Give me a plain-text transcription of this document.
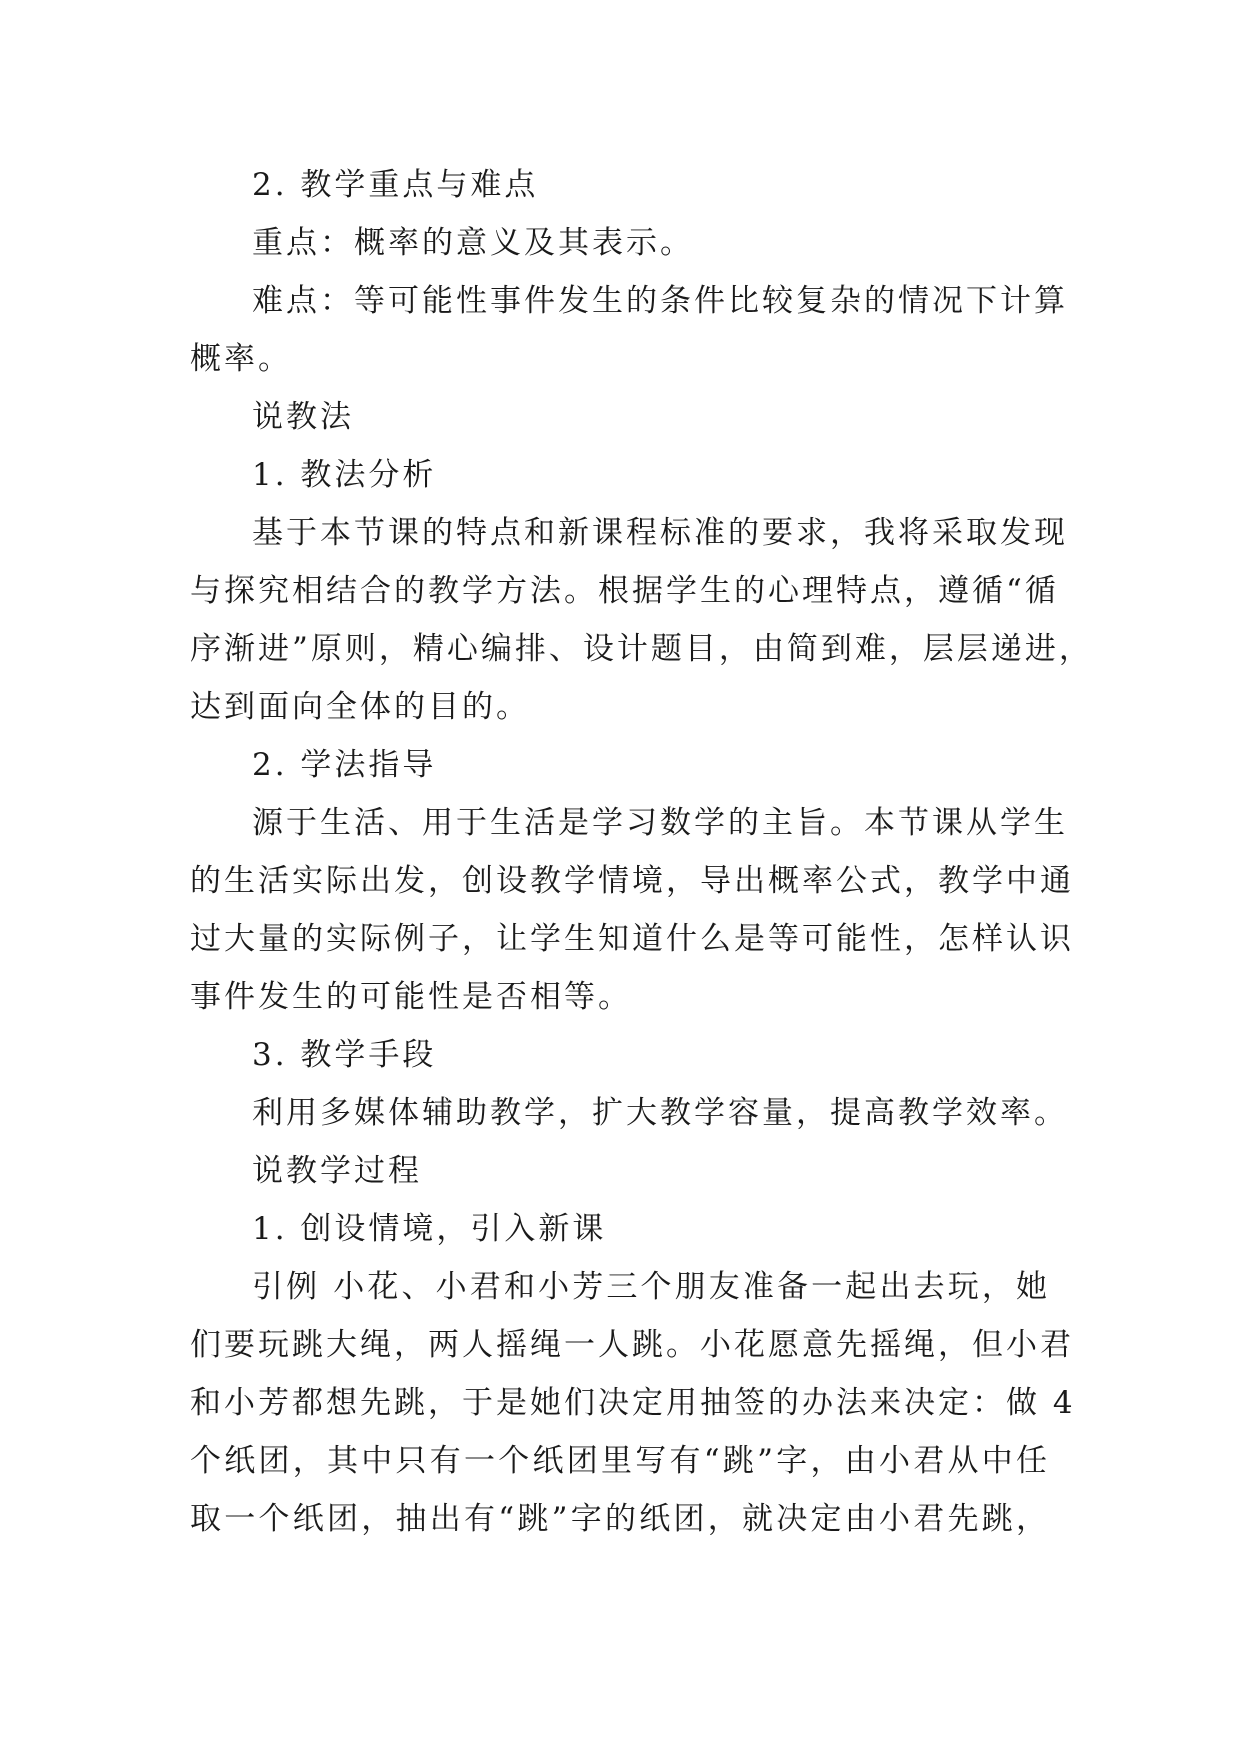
2. 教学重点与难点
重点：概率的意义及其表示。
难点：等可能性事件发生的条件比较复杂的情况下计算
概率。
说教法
1. 教法分析
基于本节课的特点和新课程标准的要求，我将采取发现
与探究相结合的教学方法。根据学生的心理特点，遵循“循
序渐进”原则，精心编排、设计题目，由简到难，层层递进，
达到面向全体的目的。
2. 学法指导
源于生活、用于生活是学习数学的主旨。本节课从学生
的生活实际出发，创设教学情境，导出概率公式，教学中通
过大量的实际例子，让学生知道什么是等可能性，怎样认识
事件发生的可能性是否相等。
3. 教学手段
利用多媒体辅助教学，扩大教学容量，提高教学效率。
说教学过程
1. 创设情境，引入新课
引例 小花、小君和小芳三个朋友准备一起出去玩，她
们要玩跳大绳，两人摇绳一人跳。小花愿意先摇绳，但小君
和小芳都想先跳，于是她们决定用抽签的办法来决定：做 4
个纸团，其中只有一个纸团里写有“跳”字，由小君从中任
取一个纸团，抽出有“跳”字的纸团，就决定由小君先跳，
